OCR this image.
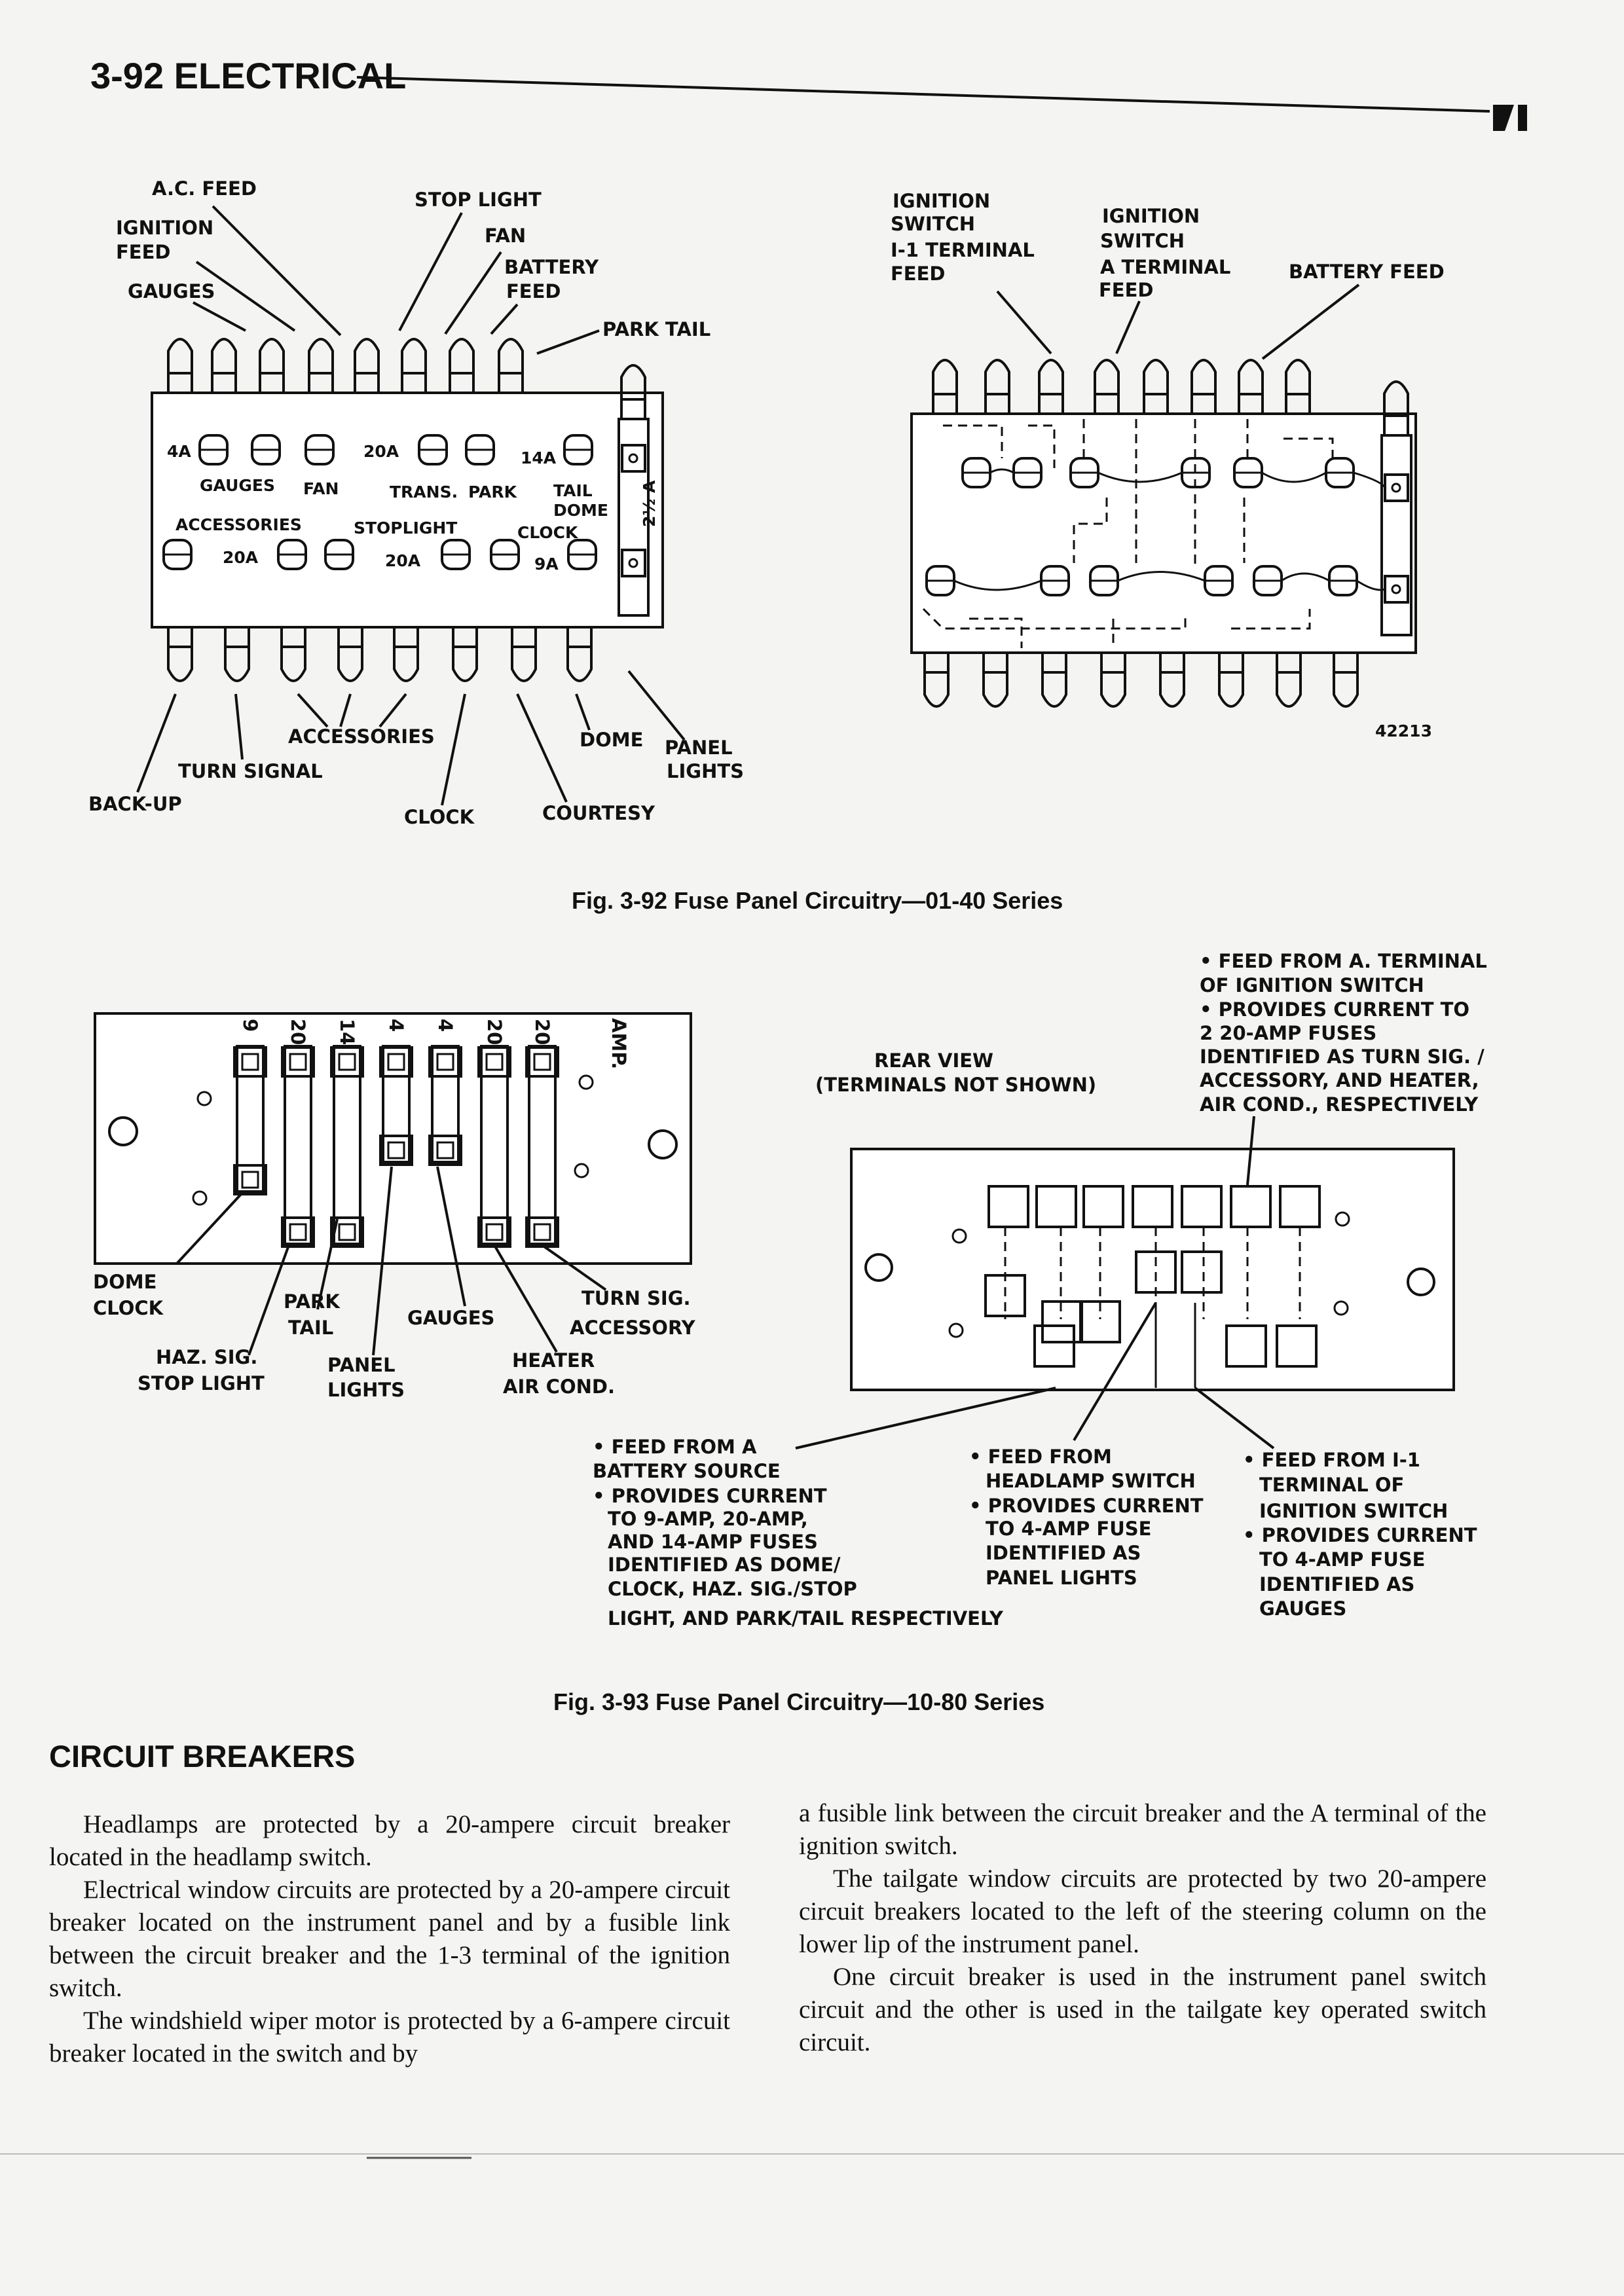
3-92 ELECTRICAL
4A	20A	14A
GAUGES FAN	TRANS. PARK TAIL
DOME
ACCESSORIES	STOPLIGHT	CLOCK
20A	20A	9A
2½ A
A.C. FEED
IGNITION
FEED
GAUGES
STOP LIGHT
FAN
BATTERY
FEED
PARK TAIL
ACCESSORIES	DOME PANEL
LIGHTS
TURN SIGNAL
BACK-UP
CLOCK	COURTESY
IGNITION
SWITCH
I-1 TERMINAL
FEED
IGNITION
SWITCH
A TERMINAL
FEED
BATTERY FEED
42213
Fig. 3-92 Fuse Panel Circuitry—01-40 Series
9 20 14 4 4 20 20	AMP.
DOME
CLOCK	PARK
TAIL	GAUGES
TURN SIG.
ACCESSORY
HAZ. SIG.
STOP LIGHT
PANEL
LIGHTS
HEATER
AIR COND.
REAR VIEW
(TERMINALS NOT SHOWN)
• FEED FROM A. TERMINAL
OF IGNITION SWITCH
• PROVIDES CURRENT TO
2 20-AMP FUSES
IDENTIFIED AS TURN SIG. /
ACCESSORY, AND HEATER,
AIR COND., RESPECTIVELY
• FEED FROM A
BATTERY SOURCE
• PROVIDES CURRENT
TO 9-AMP, 20-AMP,
AND 14-AMP FUSES
IDENTIFIED AS DOME/
CLOCK, HAZ. SIG./STOP
LIGHT, AND PARK/TAIL RESPECTIVELY
• FEED FROM
HEADLAMP SWITCH
• PROVIDES CURRENT
TO 4-AMP FUSE
IDENTIFIED AS
PANEL LIGHTS
• FEED FROM I-1
TERMINAL OF
IGNITION SWITCH
• PROVIDES CURRENT
TO 4-AMP FUSE
IDENTIFIED AS
GAUGES
Fig. 3-93 Fuse Panel Circuitry—10-80 Series
CIRCUIT BREAKERS

Headlamps are protected by a 20-ampere circuit breaker located in the headlamp switch.

Electrical window circuits are protected by a 20-ampere circuit breaker located on the instrument panel and by a fusible link between the circuit breaker and the 1-3 terminal of the ignition switch.

The windshield wiper motor is protected by a 6-ampere circuit breaker located in the switch and by

a fusible link between the circuit breaker and the A terminal of the ignition switch.

The tailgate window circuits are protected by two 20-ampere circuit breakers located to the left of the steering column on the lower lip of the instrument panel.

One circuit breaker is used in the instrument panel switch circuit and the other is used in the tailgate key operated switch circuit.
